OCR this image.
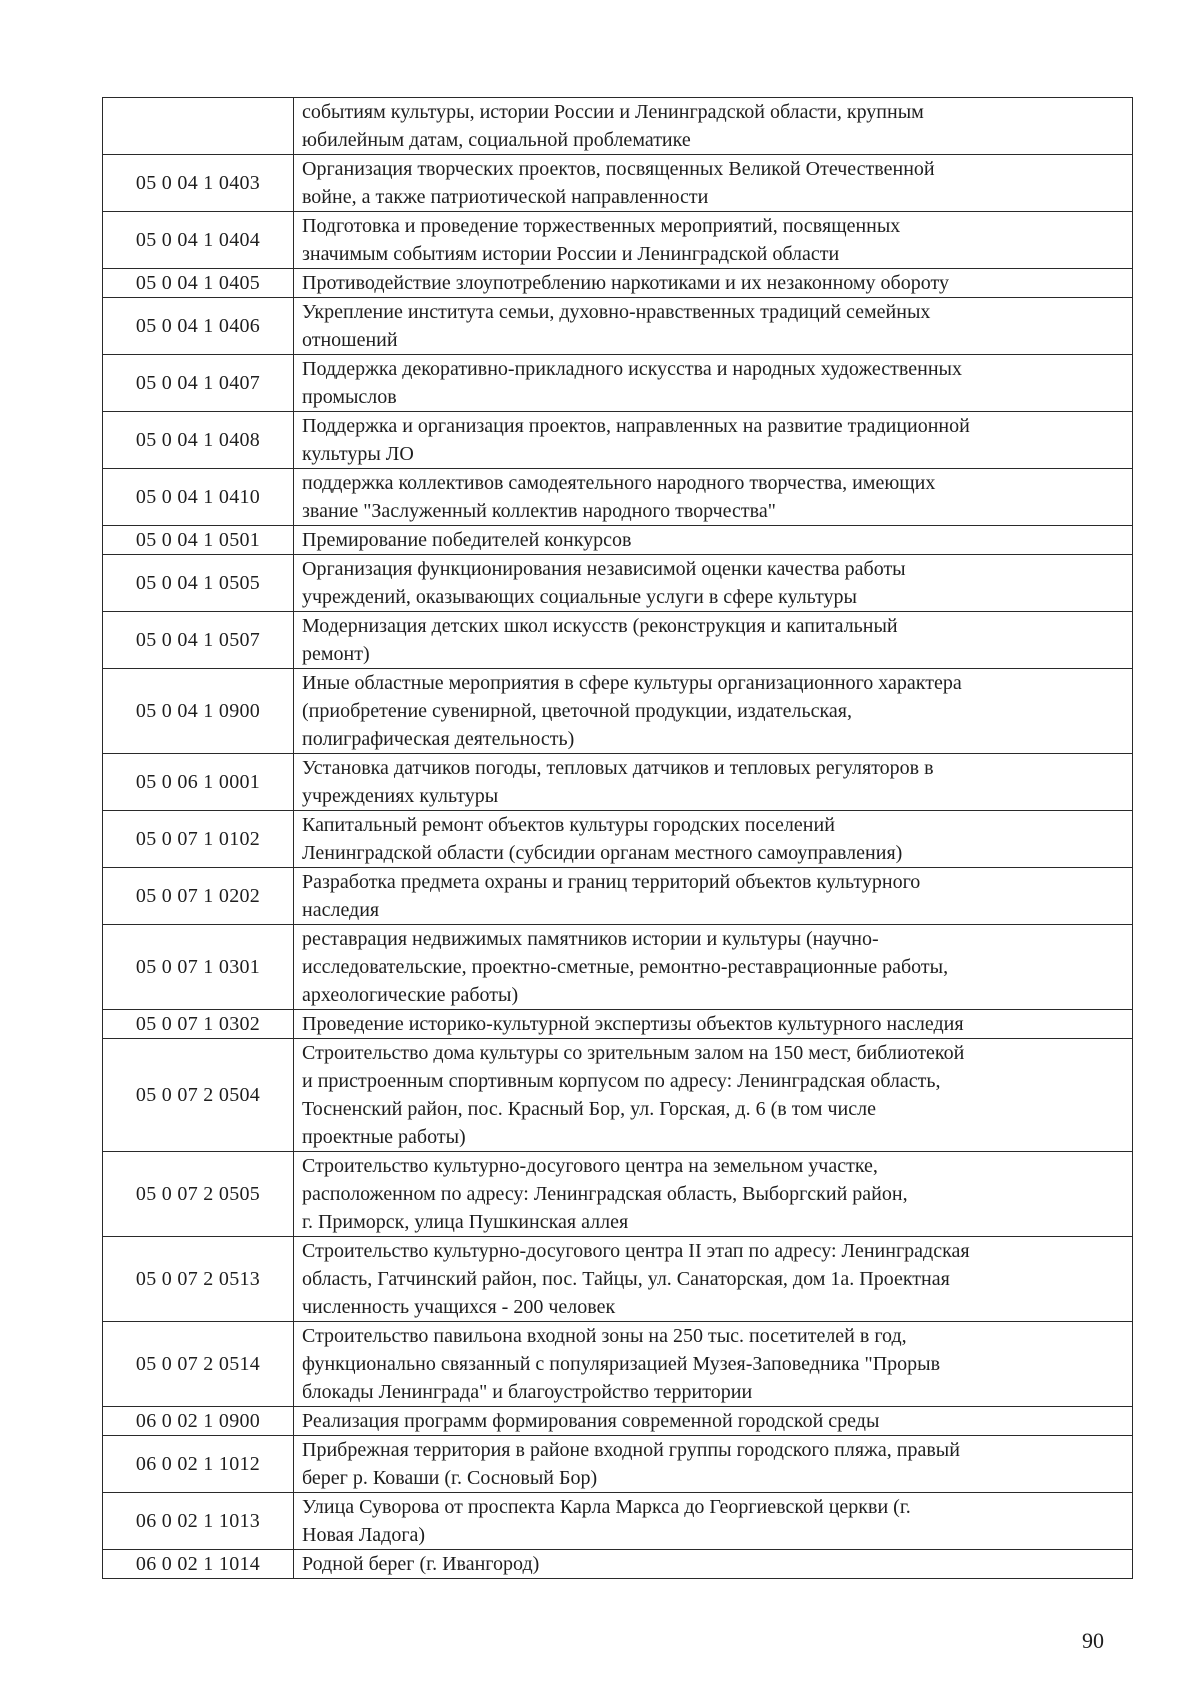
	событиям культуры, истории России и Ленинградской области, крупным
юбилейным датам, социальной проблематике

05 0 04 1 0403	Организация творческих проектов, посвященных Великой Отечественной
войне, а также патриотической направленности

05 0 04 1 0404	Подготовка и проведение торжественных мероприятий, посвященных
значимым событиям истории России и Ленинградской области

05 0 04 1 0405	Противодействие злоупотреблению наркотиками и их незаконному обороту

05 0 04 1 0406	Укрепление института семьи, духовно-нравственных традиций семейных
отношений

05 0 04 1 0407	Поддержка декоративно-прикладного искусства и народных художественных
промыслов

05 0 04 1 0408	Поддержка и организация проектов, направленных на развитие традиционной
культуры ЛО

05 0 04 1 0410	поддержка коллективов самодеятельного народного творчества, имеющих
звание "Заслуженный коллектив народного творчества"

05 0 04 1 0501	Премирование победителей конкурсов

05 0 04 1 0505	Организация функционирования независимой оценки качества работы
учреждений, оказывающих социальные услуги в сфере культуры

05 0 04 1 0507	Модернизация детских школ искусств (реконструкция и капитальный
ремонт)

05 0 04 1 0900	Иные областные мероприятия в сфере культуры организационного характера
(приобретение сувенирной, цветочной продукции, издательская,
полиграфическая деятельность)

05 0 06 1 0001	Установка датчиков погоды, тепловых датчиков и тепловых регуляторов в
учреждениях культуры

05 0 07 1 0102	Капитальный ремонт объектов культуры городских поселений
Ленинградской области (субсидии органам местного самоуправления)

05 0 07 1 0202	Разработка предмета охраны и границ территорий объектов культурного
наследия

05 0 07 1 0301	реставрация недвижимых памятников истории и культуры (научно-
исследовательские, проектно-сметные, ремонтно-реставрационные работы,
археологические работы)

05 0 07 1 0302	Проведение историко-культурной экспертизы объектов культурного наследия

05 0 07 2 0504	Строительство дома культуры со зрительным залом на 150 мест, библиотекой
и пристроенным спортивным корпусом по адресу: Ленинградская область,
Тосненский район, пос. Красный Бор, ул. Горская, д. 6 (в том числе
проектные работы)

05 0 07 2 0505	Строительство культурно-досугового центра на земельном участке,
расположенном по адресу: Ленинградская область, Выборгский район,
г. Приморск, улица Пушкинская аллея

05 0 07 2 0513	Строительство культурно-досугового центра II этап по адресу: Ленинградская
область, Гатчинский район, пос. Тайцы, ул. Санаторская, дом 1а. Проектная
численность учащихся - 200 человек

05 0 07 2 0514	Строительство павильона входной зоны на 250 тыс. посетителей в год,
функционально связанный с популяризацией Музея-Заповедника "Прорыв
блокады Ленинграда" и благоустройство территории

06 0 02 1 0900	Реализация программ формирования современной городской среды

06 0 02 1 1012	Прибрежная территория в районе входной группы городского пляжа, правый
берег р. Коваши (г. Сосновый Бор)

06 0 02 1 1013	Улица Суворова от проспекта Карла Маркса до Георгиевской церкви (г.
Новая Ладога)

06 0 02 1 1014	Родной берег (г. Ивангород)
90
